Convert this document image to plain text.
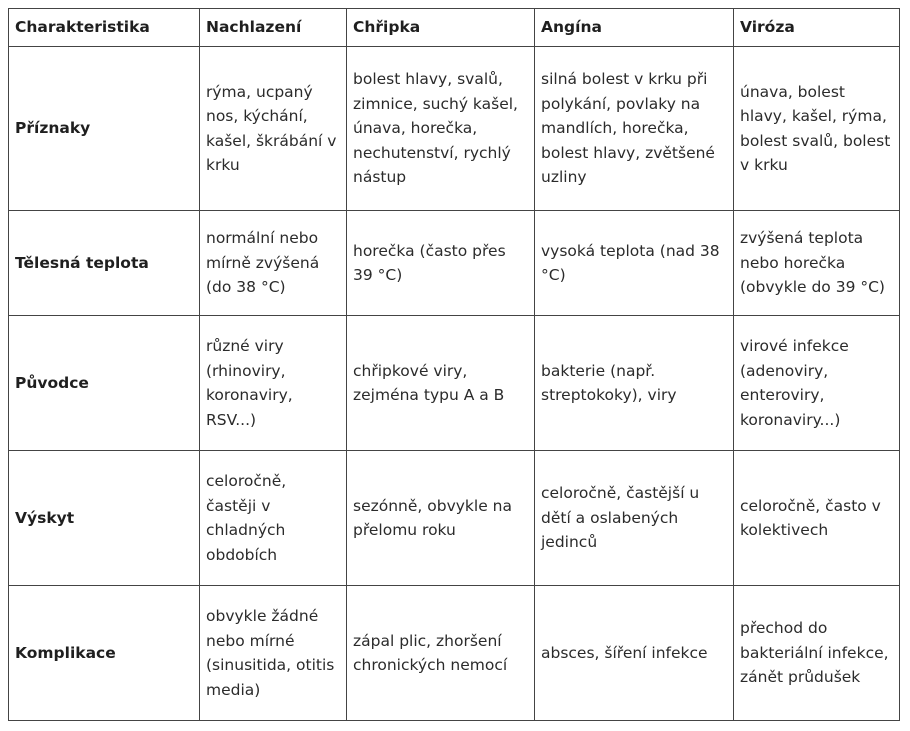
Charakteristika	Nachlazení	Chřipka	Angína	Viróza
Příznaky	rýma, ucpaný nos, kýchání, kašel, škrábání v krku	bolest hlavy, svalů, zimnice, suchý kašel, únava, horečka, nechutenství, rychlý nástup	silná bolest v krku při polykání, povlaky na mandlích, horečka, bolest hlavy, zvětšené uzliny	únava, bolest hlavy, kašel, rýma, bolest svalů, bolest v krku
Tělesná teplota	normální nebo mírně zvýšená (do 38 °C)	horečka (často přes 39 °C)	vysoká teplota (nad 38 °C)	zvýšená teplota nebo horečka (obvykle do 39 °C)
Původce	různé viry (rhinoviry, koronaviry, RSV...)	chřipkové viry, zejména typu A a B	bakterie (např. streptokoky), viry	virové infekce (adenoviry, enteroviry, koronaviry...)
Výskyt	celoročně, častěji v chladných obdobích	sezónně, obvykle na přelomu roku	celoročně, častější u dětí a oslabených jedinců	celoročně, často v kolektivech
Komplikace	obvykle žádné nebo mírné (sinusitida, otitis media)	zápal plic, zhoršení chronických nemocí	absces, šíření infekce	přechod do bakteriální infekce, zánět průdušek
